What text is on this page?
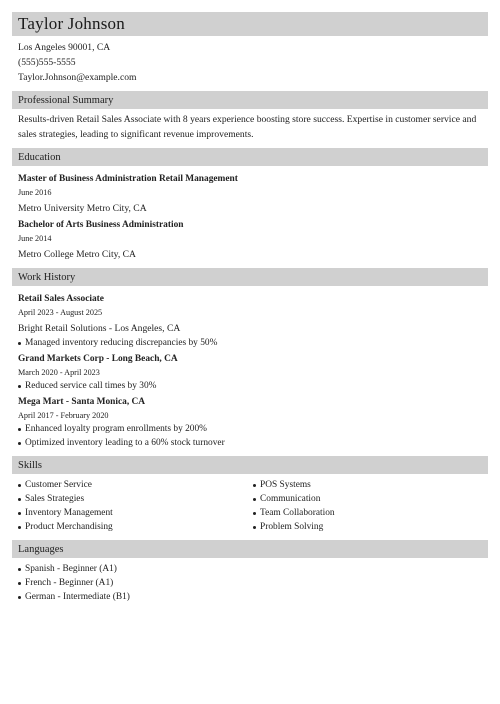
Taylor Johnson
Los Angeles 90001, CA
(555)555-5555
Taylor.Johnson@example.com
Professional Summary

Results-driven Retail Sales Associate with 8 years experience boosting store success. Expertise in customer service and sales strategies, leading to significant revenue improvements.

Education
Master of Business Administration Retail Management
June 2016
Metro University Metro City, CA
Bachelor of Arts Business Administration
June 2014
Metro College Metro City, CA
Work History
Retail Sales Associate
April 2023 - August 2025
Bright Retail Solutions - Los Angeles, CA
Managed inventory reducing discrepancies by 50%
Grand Markets Corp - Long Beach, CA
March 2020 - April 2023
Reduced service call times by 30%
Mega Mart - Santa Monica, CA
April 2017 - February 2020
Enhanced loyalty program enrollments by 200%
Optimized inventory leading to a 60% stock turnover
Skills
Customer Service
Sales Strategies
Inventory Management
Product Merchandising
POS Systems
Communication
Team Collaboration
Problem Solving
Languages
Spanish - Beginner (A1)
French - Beginner (A1)
German - Intermediate (B1)
